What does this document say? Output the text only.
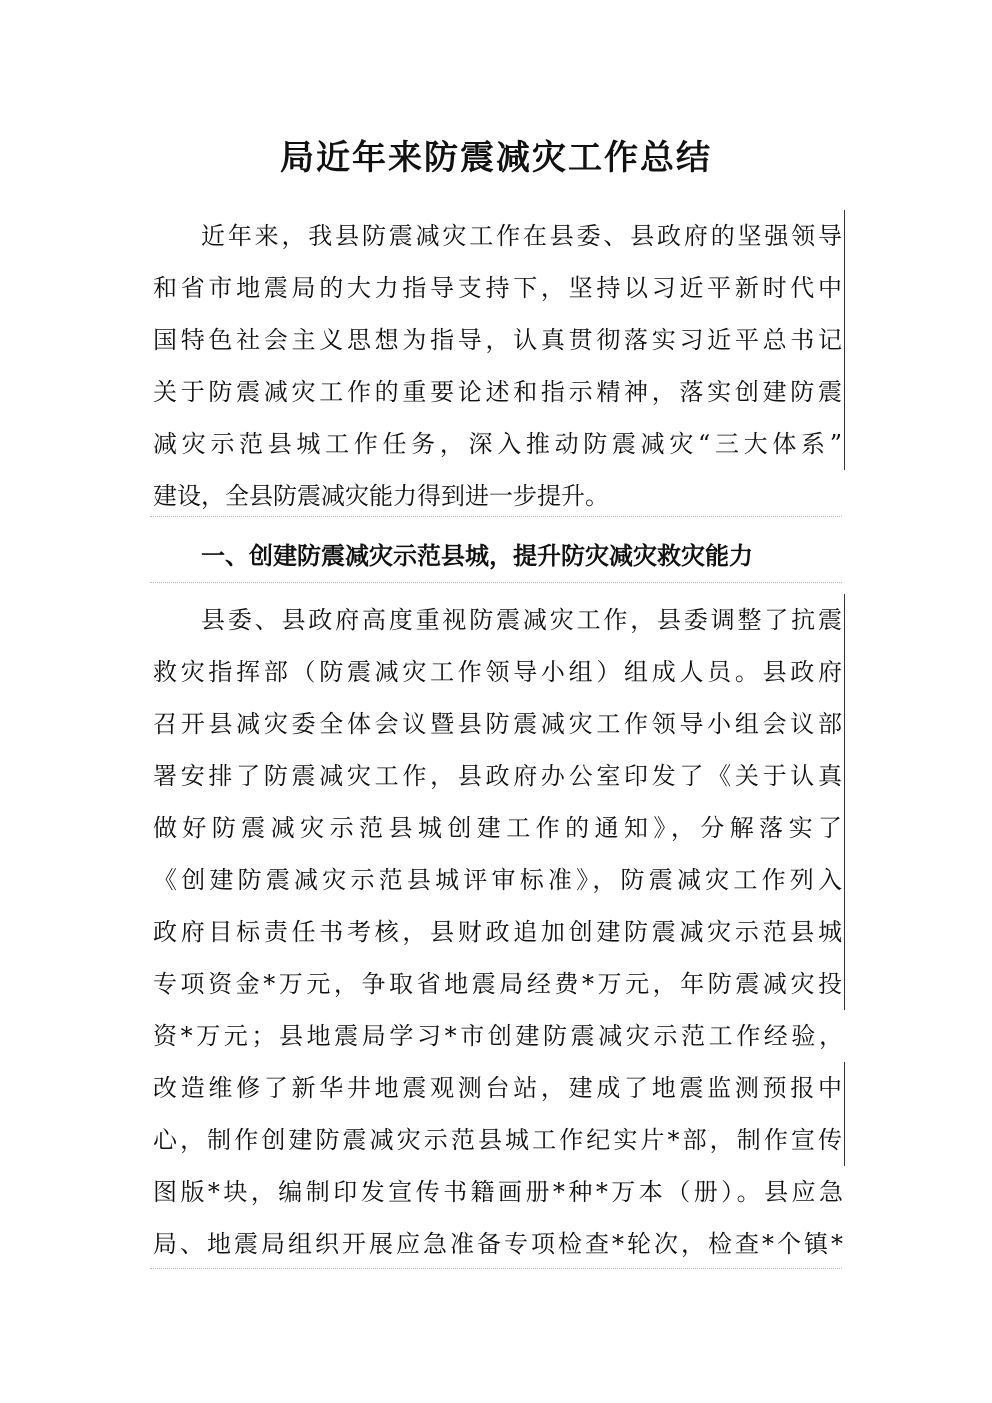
局近年来防震减灾工作总结
近年来，我县防震减灾工作在县委、县政府的坚强领导
和省市地震局的大力指导支持下，坚持以习近平新时代中
国特色社会主义思想为指导，认真贯彻落实习近平总书记
关于防震减灾工作的重要论述和指示精神，落实创建防震
减灾示范县城工作任务，深入推动防震减灾“三大体系”
建设，全县防震减灾能力得到进一步提升。
一、创建防震减灾示范县城，提升防灾减灾救灾能力
县委、县政府高度重视防震减灾工作，县委调整了抗震
救灾指挥部（防震减灾工作领导小组）组成人员。县政府
召开县减灾委全体会议暨县防震减灾工作领导小组会议部
署安排了防震减灾工作，县政府办公室印发了《关于认真
做好防震减灾示范县城创建工作的通知》，分解落实了
《创建防震减灾示范县城评审标准》，防震减灾工作列入
政府目标责任书考核，县财政追加创建防震减灾示范县城
专项资金*万元，争取省地震局经费*万元，年防震减灾投
资*万元；县地震局学习*市创建防震减灾示范工作经验，
改造维修了新华井地震观测台站，建成了地震监测预报中
心，制作创建防震减灾示范县城工作纪实片*部，制作宣传
图版*块，编制印发宣传书籍画册*种*万本（册）。县应急
局、地震局组织开展应急准备专项检查*轮次，检查*个镇*
